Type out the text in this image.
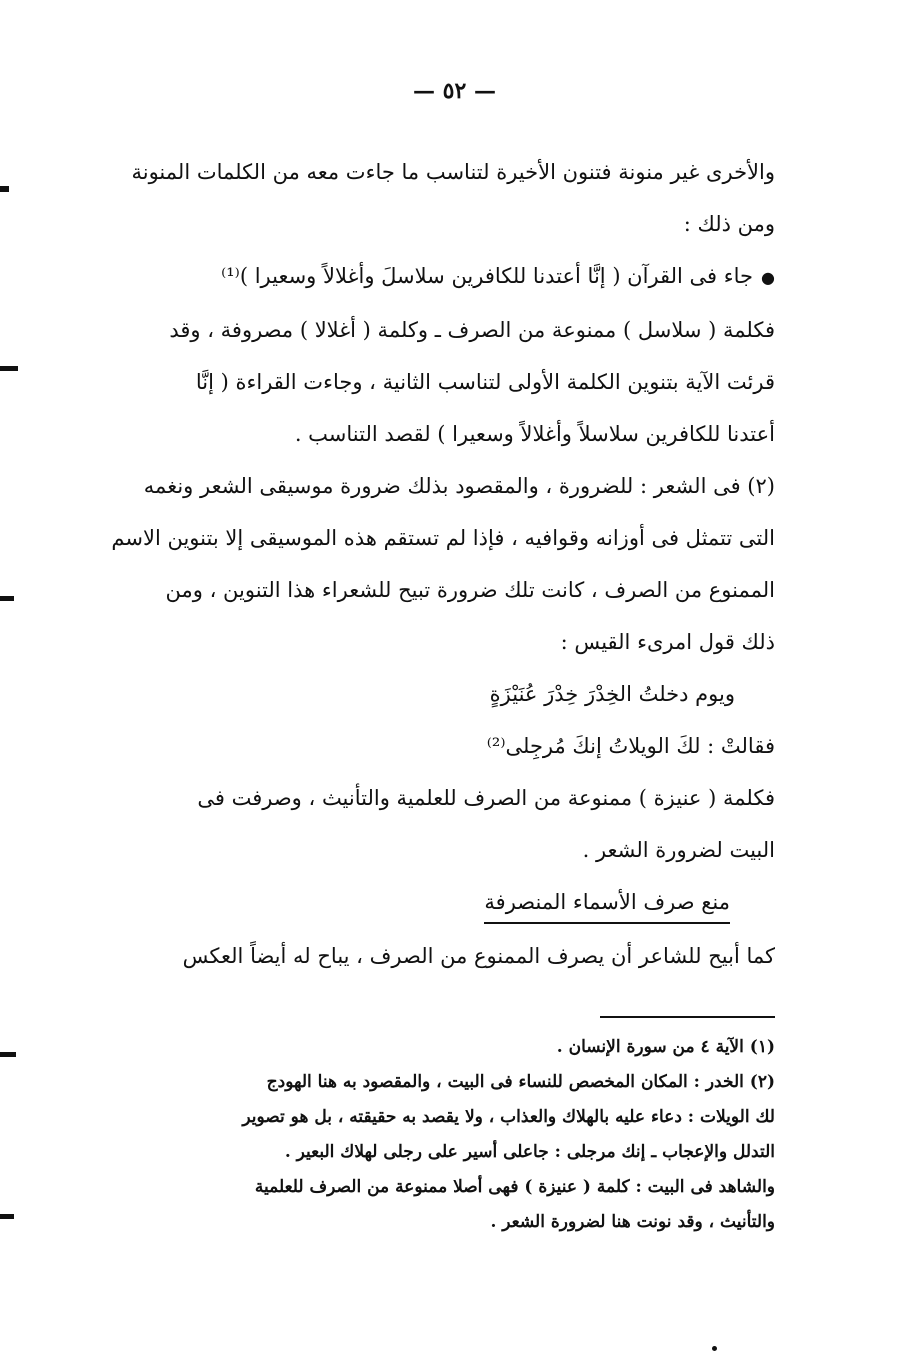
— ٥٢ —
والأخرى غير منونة فتنون الأخيرة لتناسب ما جاءت معه من الكلمات المنونة
ومن ذلك :
●جاء فى القرآن ( إنَّا أعتدنا للكافرين سلاسلَ وأغلالاً وسعيرا )⁽¹⁾
فكلمة ( سلاسل ) ممنوعة من الصرف ـ وكلمة ( أغلالا ) مصروفة ، وقد
قرئت الآية بتنوين الكلمة الأولى لتناسب الثانية ، وجاءت القراءة ( إنَّا
أعتدنا للكافرين سلاسلاً وأغلالاً وسعيرا ) لقصد التناسب .
(٢) فى الشعر : للضرورة ، والمقصود بذلك ضرورة موسيقى الشعر ونغمه
التى تتمثل فى أوزانه وقوافيه ، فإذا لم تستقم هذه الموسيقى إلا بتنوين الاسم
الممنوع من الصرف ، كانت تلك ضرورة تبيح للشعراء هذا التنوين ، ومن
ذلك قول امرىء القيس :
ويوم دخلتُ الخِدْرَ خِدْرَ عُنَيْزَةٍ
فقالتْ : لكَ الويلاتُ إنكَ مُرجِلى⁽²⁾
فكلمة ( عنيزة ) ممنوعة من الصرف للعلمية والتأنيث ، وصرفت فى
البيت لضرورة الشعر .
منع صرف الأسماء المنصرفة
كما أبيح للشاعر أن يصرف الممنوع من الصرف ، يباح له أيضاً العكس
(١) الآية ٤ من سورة الإنسان .
(٢) الخدر : المكان المخصص للنساء فى البيت ، والمقصود به هنا الهودج
لك الويلات : دعاء عليه بالهلاك والعذاب ، ولا يقصد به حقيقته ، بل هو تصوير
التدلل والإعجاب ـ إنك مرجلى : جاعلى أسير على رجلى لهلاك البعير .
والشاهد فى البيت : كلمة ( عنيزة ) فهى أصلا ممنوعة من الصرف للعلمية
والتأنيث ، وقد نونت هنا لضرورة الشعر .
